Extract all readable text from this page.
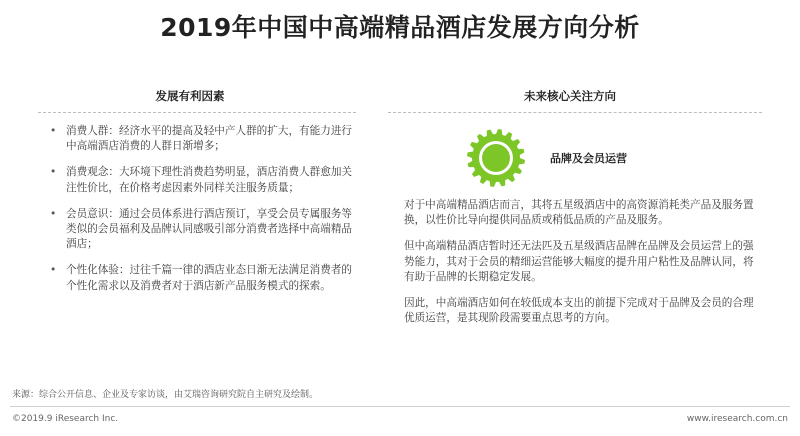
2019年中国中高端精品酒店发展方向分析
发展有利因素	未来核心关注方向
• 消费人群：经济水平的提高及轻中产人群的扩大，有能力进行中高端酒店消费的人群日渐增多；
• 消费观念：大环境下理性消费趋势明显，酒店消费人群愈加关注性价比，在价格考虑因素外同样关注服务质量；
• 会员意识：通过会员体系进行酒店预订，享受会员专属服务等类似的会员福利及品牌认同感吸引部分消费者选择中高端精品酒店；
• 个性化体验：过往千篇一律的酒店业态日渐无法满足消费者的个性化需求以及消费者对于酒店新产品服务模式的探索。
品牌及会员运营

对于中高端精品酒店而言，其将五星级酒店中的高资源消耗类产品及服务置换，以性价比导向提供同品质或稍低品质的产品及服务。

但中高端精品酒店暂时还无法匹及五星级酒店品牌在品牌及会员运营上的强势能力，其对于会员的精细运营能够大幅度的提升用户粘性及品牌认同，将有助于品牌的长期稳定发展。

因此，中高端酒店如何在较低成本支出的前提下完成对于品牌及会员的合理优质运营，是其现阶段需要重点思考的方向。

来源：综合公开信息、企业及专家访谈，由艾瑞咨询研究院自主研究及绘制。
©2019.9 iResearch Inc.	www.iresearch.com.cn
